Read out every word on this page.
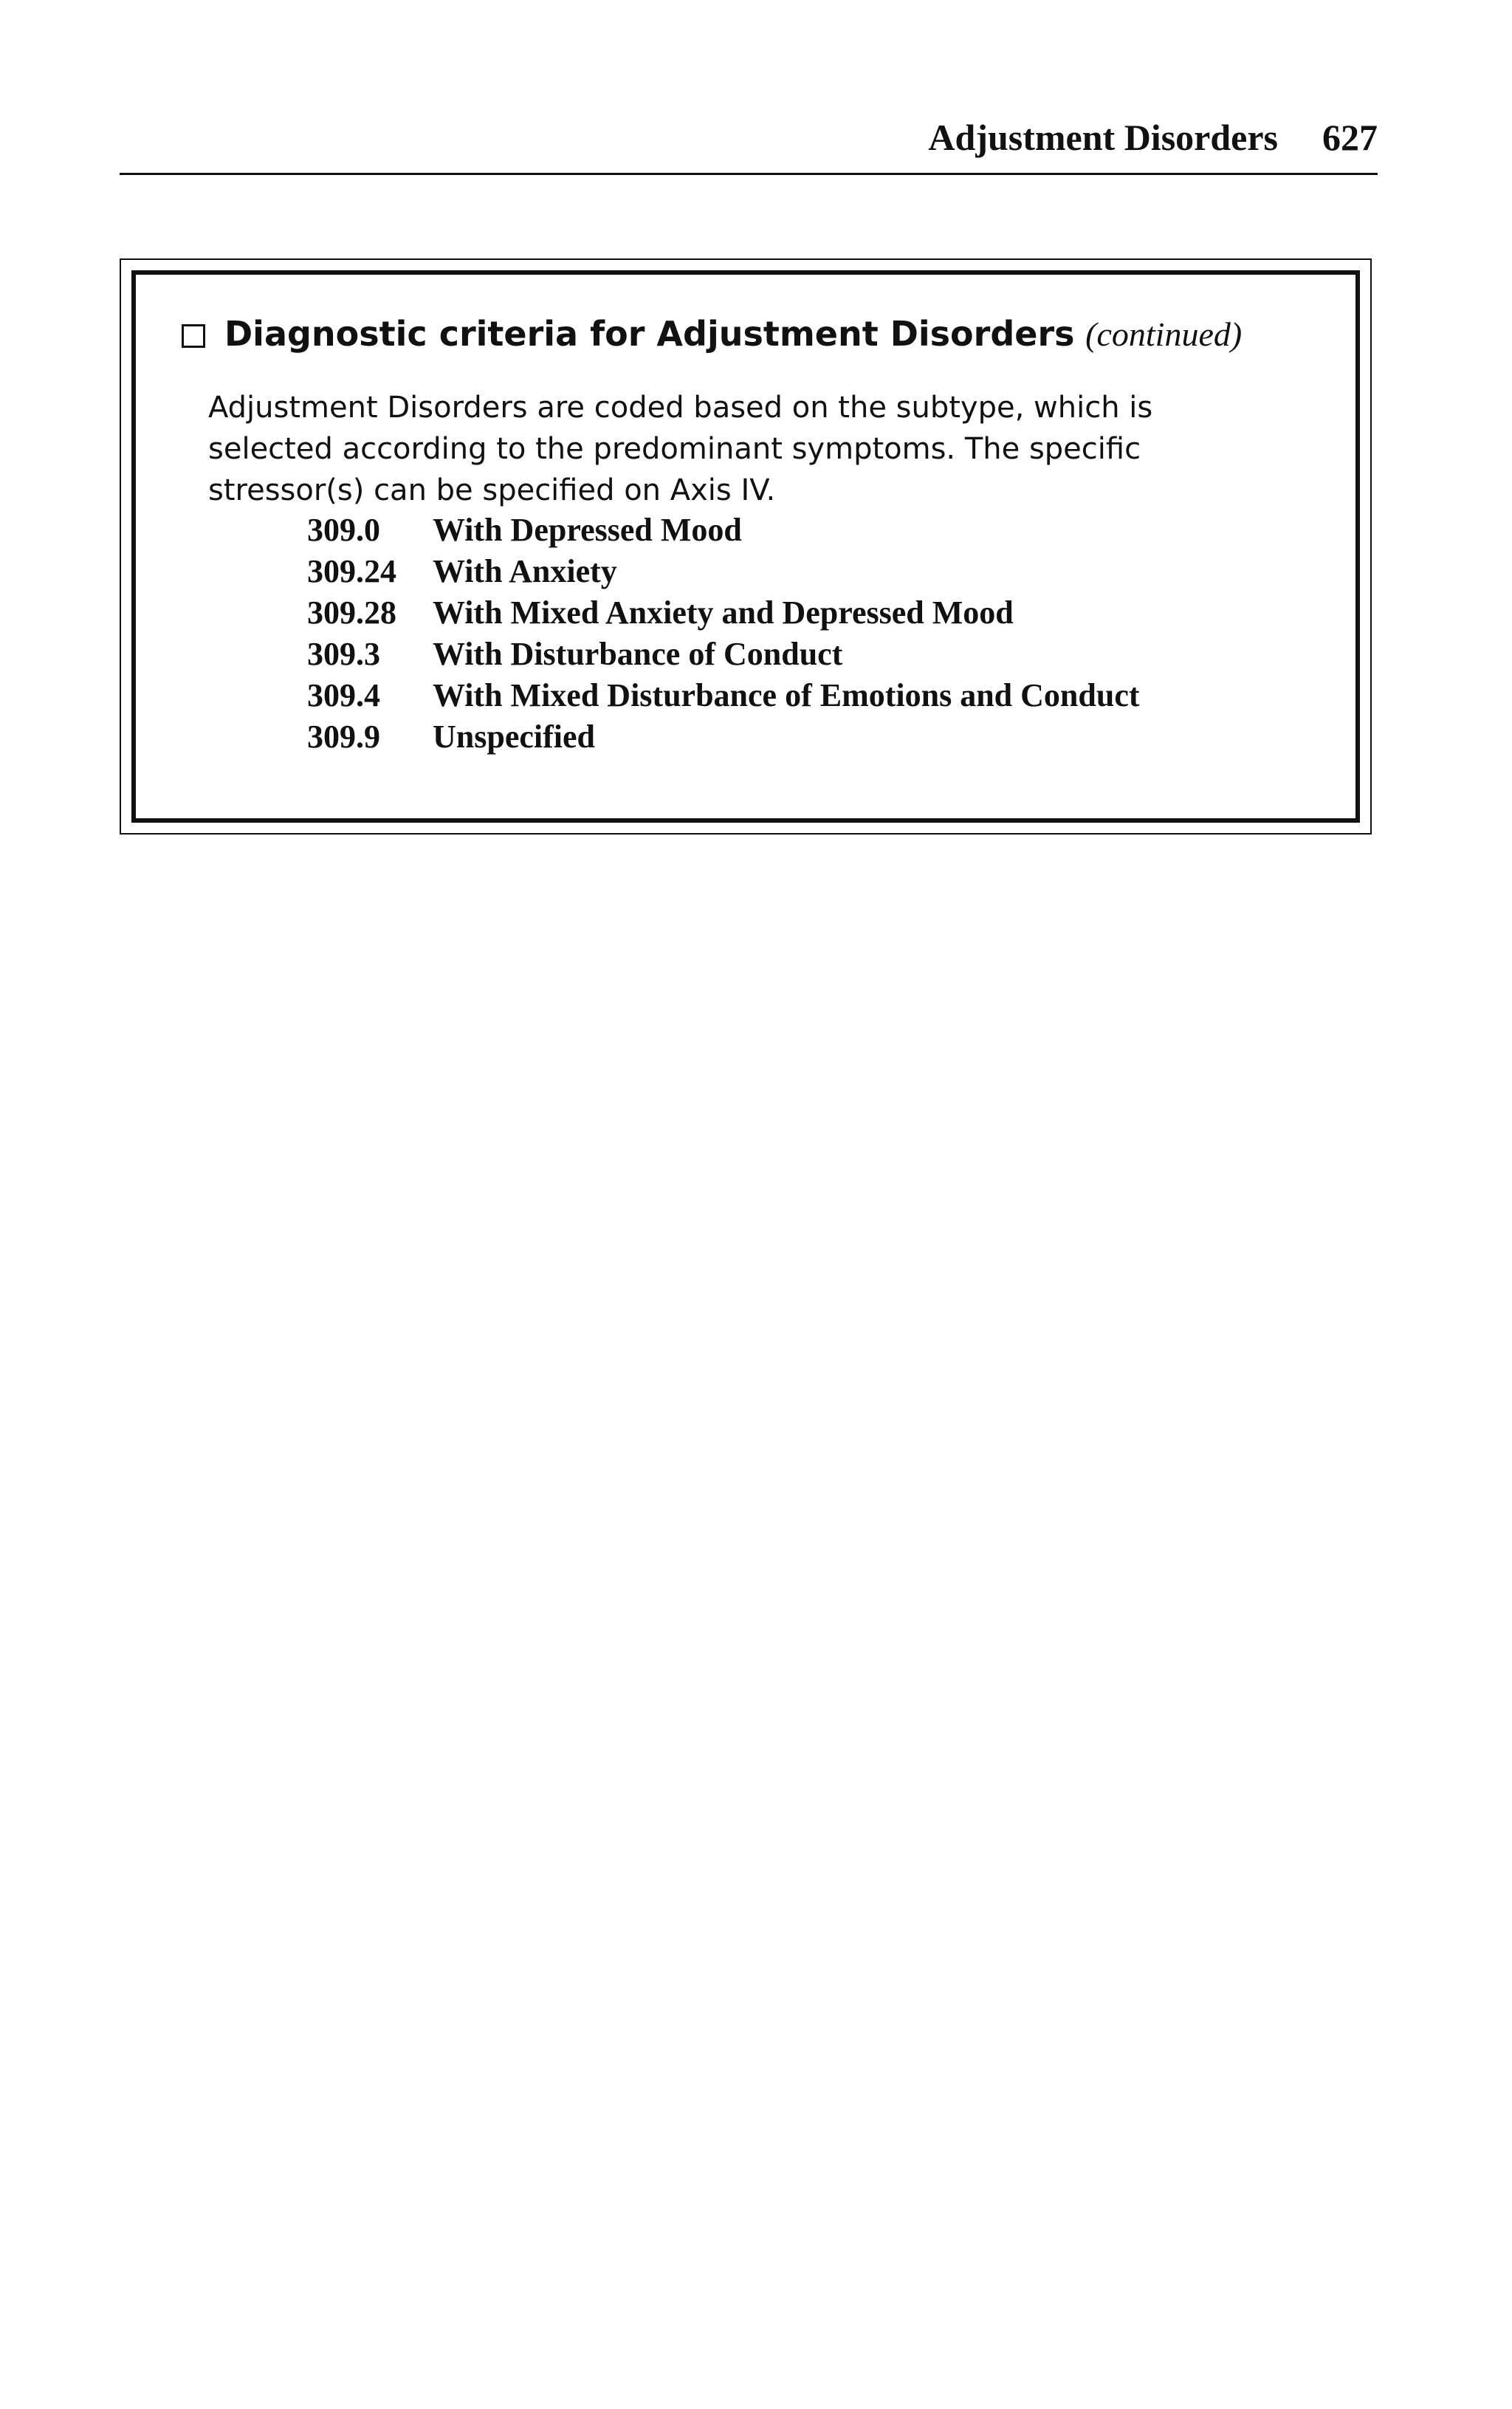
Adjustment Disorders 627
Diagnostic criteria for Adjustment Disorders (continued)

Adjustment Disorders are coded based on the subtype, which is selected according to the predominant symptoms. The specific stressor(s) can be specified on Axis IV.

309.0	With Depressed Mood
309.24	With Anxiety
309.28	With Mixed Anxiety and Depressed Mood
309.3	With Disturbance of Conduct
309.4	With Mixed Disturbance of Emotions and Conduct
309.9	Unspecified
